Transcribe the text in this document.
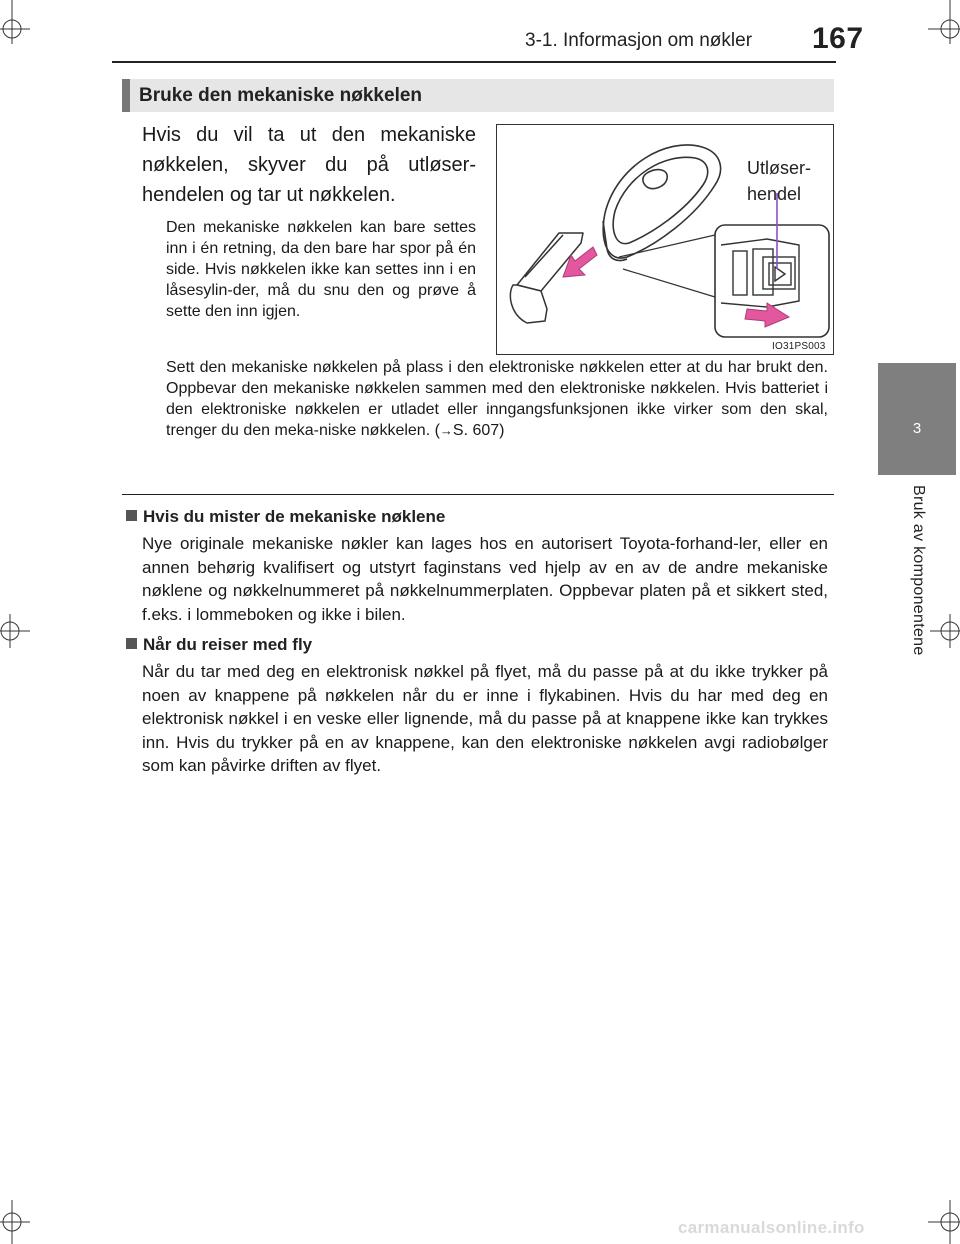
3-1. Informasjon om nøkler 167
3
Bruk av komponentene
Bruke den mekaniske nøkkelen
Hvis du vil ta ut den mekaniske nøkkelen, skyver du på utløser-hendelen og tar ut nøkkelen.
Den mekaniske nøkkelen kan bare settes inn i én retning, da den bare har spor på én side. Hvis nøkkelen ikke kan settes inn i en låsesylin-der, må du snu den og prøve å sette den inn igjen.
Sett den mekaniske nøkkelen på plass i den elektroniske nøkkelen etter at du har brukt den. Oppbevar den mekaniske nøkkelen sammen med den elektroniske nøkkelen. Hvis batteriet i den elektroniske nøkkelen er utladet eller inngangsfunksjonen ikke virker som den skal, trenger du den meka-niske nøkkelen. (→S. 607)
Utløser-
hendel
IO31PS003
Hvis du mister de mekaniske nøklene
Nye originale mekaniske nøkler kan lages hos en autorisert Toyota-forhand-ler, eller en annen behørig kvalifisert og utstyrt faginstans ved hjelp av en av de andre mekaniske nøklene og nøkkelnummeret på nøkkelnummerplaten. Oppbevar platen på et sikkert sted, f.eks. i lommeboken og ikke i bilen.
Når du reiser med fly
Når du tar med deg en elektronisk nøkkel på flyet, må du passe på at du ikke trykker på noen av knappene på nøkkelen når du er inne i flykabinen. Hvis du har med deg en elektronisk nøkkel i en veske eller lignende, må du passe på at knappene ikke kan trykkes inn. Hvis du trykker på en av knappene, kan den elektroniske nøkkelen avgi radiobølger som kan påvirke driften av flyet.
carmanualsonline.info
